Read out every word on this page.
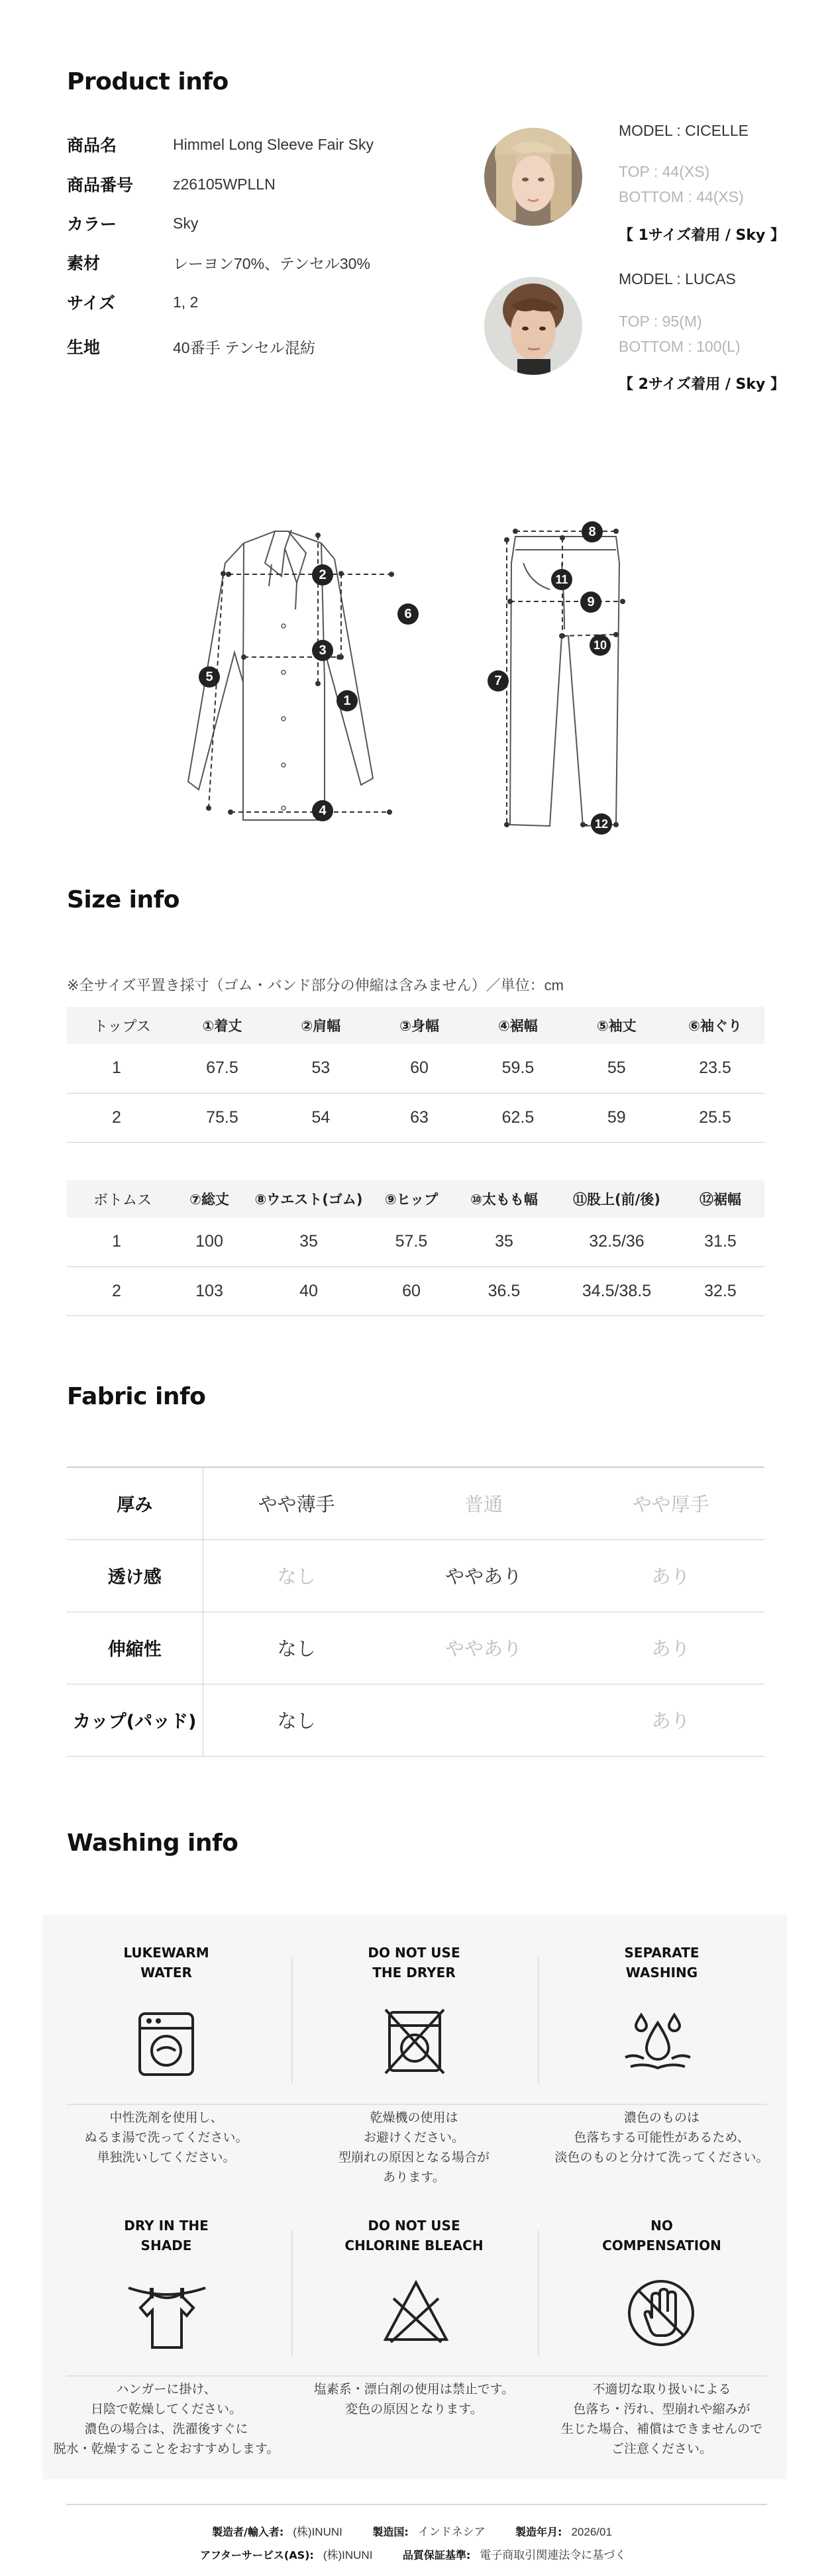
Product info
商品名	Himmel Long Sleeve Fair Sky
商品番号	z26105WPLLN
カラー	Sky
素材	レーヨン70%、テンセル30%
サイズ	1, 2
生地	40番手 テンセル混紡
MODEL : CICELLE
TOP : 44(XS)
BOTTOM : 44(XS)
【 1サイズ着用 / Sky 】
MODEL : LUCAS
TOP : 95(M)
BOTTOM : 100(L)
【 2サイズ着用 / Sky 】
2
6
3
1
5
4
8
11
9
10
7
12
Size info
※全サイズ平置き採寸（ゴム・バンド部分の伸縮は含みません）／単位：cm
トップス	①着丈	②肩幅	③身幅	④裾幅	⑤袖丈	⑥袖ぐり
1	67.5	53	60	59.5	55	23.5
2	75.5	54	63	62.5	59	25.5
ボトムス	⑦総丈	⑧ウエスト(ゴム)	⑨ヒップ	⑩太もも幅	⑪股上(前/後)	⑫裾幅
1	100	35	57.5	35	32.5/36	31.5
2	103	40	60	36.5	34.5/38.5	32.5
Fabric info
厚み	やや薄手	普通	やや厚手
透け感	なし	ややあり	あり
伸縮性	なし	ややあり	あり
カップ(パッド)	なし		あり
Washing info
LUKEWARM
WATER
中性洗剤を使用し、
ぬるま湯で洗ってください。
単独洗いしてください。
DO NOT USE
THE DRYER
乾燥機の使用は
お避けください。
型崩れの原因となる場合が
あります。
SEPARATE
WASHING
濃色のものは
色落ちする可能性があるため、
淡色のものと分けて洗ってください。
DRY IN THE
SHADE
ハンガーに掛け、
日陰で乾燥してください。
濃色の場合は、洗濯後すぐに
脱水・乾燥することをおすすめします。
DO NOT USE
CHLORINE BLEACH
塩素系・漂白剤の使用は禁止です。
変色の原因となります。
NO
COMPENSATION
不適切な取り扱いによる
色落ち・汚れ、型崩れや縮みが
生じた場合、補償はできませんので
ご注意ください。
製造者/輸入者: (株)INUNI	製造国: インドネシア	製造年月: 2026/01
アフターサービス(AS): (株)INUNI	品質保証基準: 電子商取引関連法令に基づく
